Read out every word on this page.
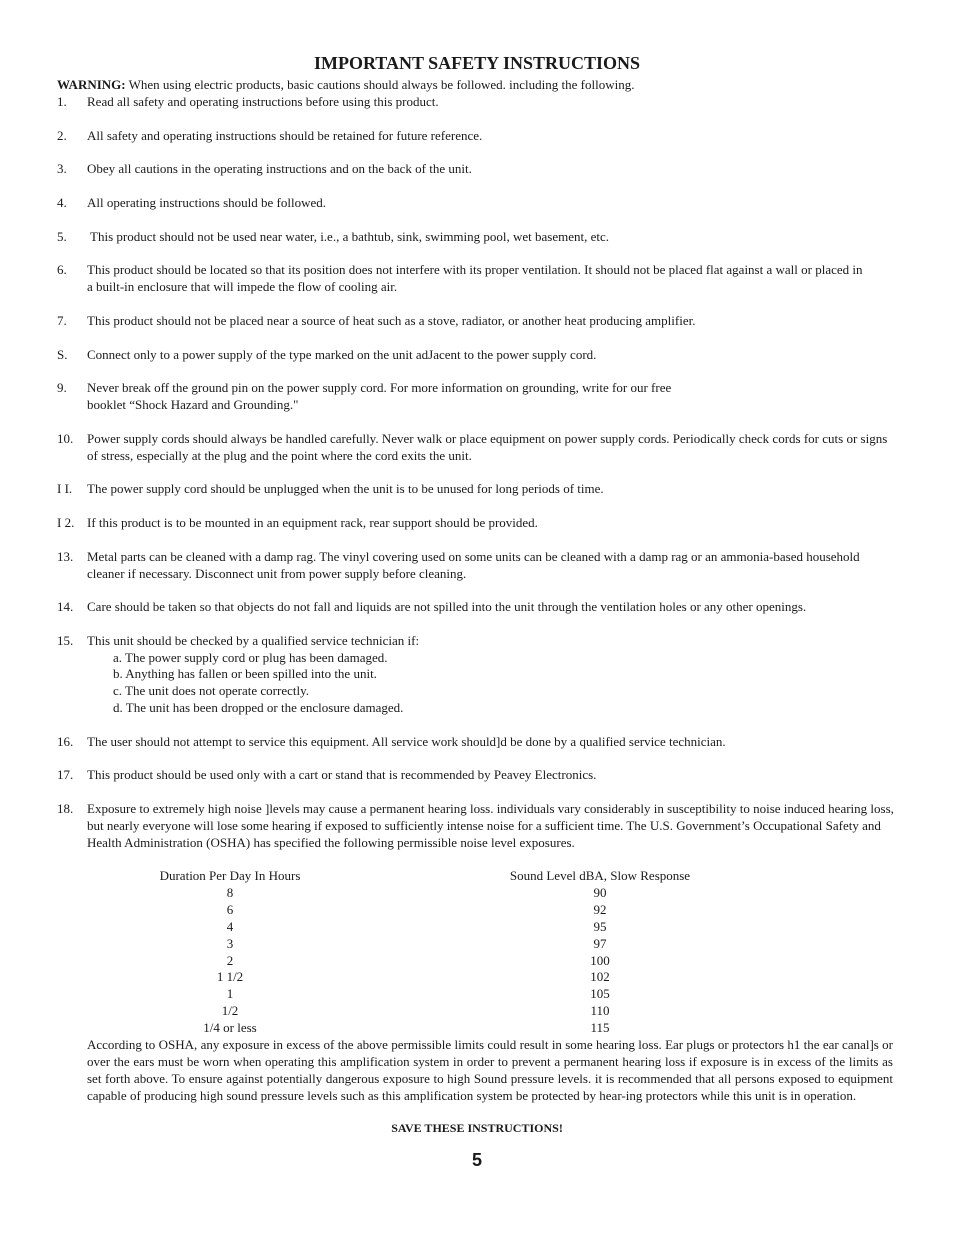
IMPORTANT SAFETY INSTRUCTIONS
WARNING: When using electric products, basic cautions should always be followed. including the following.
1. Read all safety and operating instructions before using this product.
2. All safety and operating instructions should be retained for future reference.
3. Obey all cautions in the operating instructions and on the back of the unit.
4. All operating instructions should be followed.
5. This product should not be used near water, i.e., a bathtub, sink, swimming pool, wet basement, etc.
6. This product should be located so that its position does not interfere with its proper ventilation. It should not be placed flat against a wall or placed in a built-in enclosure that will impede the flow of cooling air.
7. This product should not be placed near a source of heat such as a stove, radiator, or another heat producing amplifier.
S. Connect only to a power supply of the type marked on the unit adJacent to the power supply cord.
9. Never break off the ground pin on the power supply cord. For more information on grounding, write for our free booklet “Shock Hazard and Grounding."
10. Power supply cords should always be handled carefully. Never walk or place equipment on power supply cords. Periodically check cords for cuts or signs of stress, especially at the plug and the point where the cord exits the unit.
I I. The power supply cord should be unplugged when the unit is to be unused for long periods of time.
I 2. If this product is to be mounted in an equipment rack, rear support should be provided.
13. Metal parts can be cleaned with a damp rag. The vinyl covering used on some units can be cleaned with a damp rag or an ammonia-based household cleaner if necessary. Disconnect unit from power supply before cleaning.
14. Care should be taken so that objects do not fall and liquids are not spilled into the unit through the ventilation holes or any other openings.
15. This unit should be checked by a qualified service technician if:
a. The power supply cord or plug has been damaged.
b. Anything has fallen or been spilled into the unit.
c. The unit does not operate correctly.
d. The unit has been dropped or the enclosure damaged.
16. The user should not attempt to service this equipment. All service work should]d be done by a qualified service technician.
17. This product should be used only with a cart or stand that is recommended by Peavey Electronics.
18. Exposure to extremely high noise ]levels may cause a permanent hearing loss. individuals vary considerably in susceptibility to noise induced hearing loss, but nearly everyone will lose some hearing if exposed to sufficiently intense noise for a sufficient time. The U.S. Government’s Occupational Safety and Health Administration (OSHA) has specified the following permissible noise level exposures.
Duration Per Day In Hours	Sound Level dBA, Slow Response
8	90
6	92
4	95
3	97
2	100
1 1/2	102
1	105
1/2	110
1/4 or less	115
According to OSHA, any exposure in excess of the above permissible limits could result in some hearing loss. Ear plugs or protectors h1 the ear canal]s or over the ears must be worn when operating this amplification system in order to prevent a permanent hearing loss if exposure is in excess of the limits as set forth above. To ensure against potentially dangerous exposure to high Sound pressure levels. it is recommended that all persons exposed to equipment capable of producing high sound pressure levels such as this amplification system be protected by hear-ing protectors while this unit is in operation.
SAVE THESE INSTRUCTIONS!
5
